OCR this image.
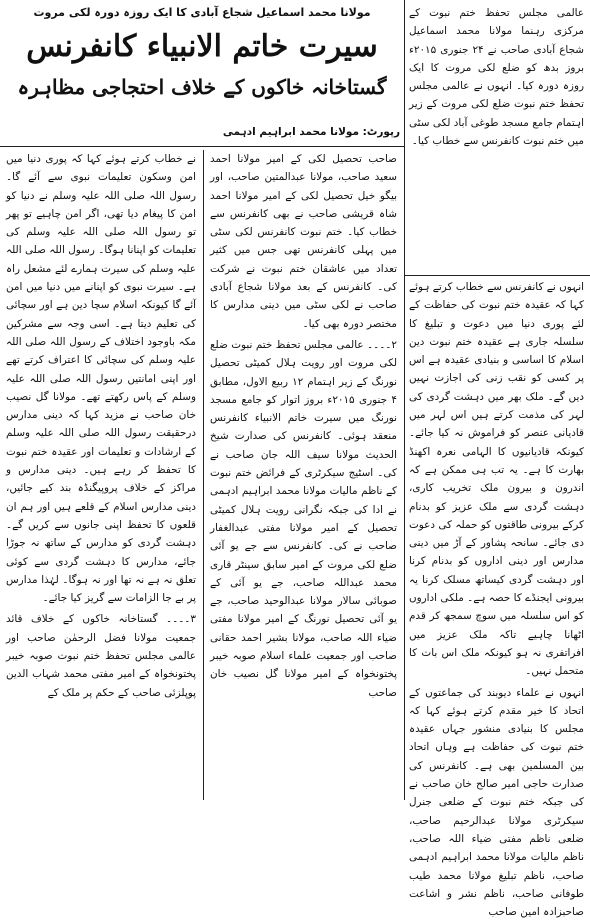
عالمی مجلس تحفظ ختم نبوت کے مرکزی رہنما مولانا محمد اسماعیل شجاع آبادی صاحب نے ۲۴ جنوری ۲۰۱۵ء بروز بدھ کو ضلع لکی مروت کا ایک روزہ دورہ کیا۔ انہوں نے عالمی مجلس تحفظ ختم نبوت ضلع لکی مروت کے زیر اہتمام جامع مسجد طوغی آباد لکی سٹی میں ختم نبوت کانفرنس سے خطاب کیا۔

مولانا محمد اسماعیل شجاع آبادی کا ایک روزہ دورہ لکی مروت
سیرت خاتم الانبیاء کانفرنس
گستاخانہ خاکوں کے خلاف احتجاجی مظاہرہ
رپورٹ: مولانا محمد ابراہیم ادہمی

انہوں نے کانفرنس سے خطاب کرتے ہوئے کہا کہ عقیدہ ختم نبوت کی حفاظت کے لئے پوری دنیا میں دعوت و تبلیغ کا سلسلہ جاری ہے عقیدہ ختم نبوت دین اسلام کا اساسی و بنیادی عقیدہ ہے اس پر کسی کو نقب زنی کی اجازت نہیں دیں گے۔ ملک بھر میں دہشت گردی کی لہر کی مذمت کرتے ہیں اس لہر میں قادیانی عنصر کو فراموش نہ کیا جائے۔ کیونکہ قادیانیوں کا الہامی نعرہ اکھنڈ بھارت کا ہے۔ یہ تب ہی ممکن ہے کہ اندرون و بیرون ملک تخریب کاری، دہشت گردی سے ملک عزیز کو بدنام کرکے بیرونی طاقتوں کو حملہ کی دعوت دی جائے۔ سانحہ پشاور کے آڑ میں دینی مدارس اور دینی اداروں کو بدنام کرنا اور دہشت گردی کیساتھ مسلک کرنا یہ بیرونی ایجنڈے کا حصہ ہے۔ ملکی اداروں کو اس سلسلہ میں سوچ سمجھ کر قدم اٹھانا چاہیے تاکہ ملک عزیز میں افراتفری نہ ہو کیونکہ ملک اس بات کا متحمل نہیں۔

انہوں نے علماء دیوبند کی جماعتوں کے اتحاد کا خیر مقدم کرتے ہوئے کہا کہ مجلس کا بنیادی منشور جہاں عقیدہ ختم نبوت کی حفاظت ہے وہاں اتحاد بین المسلمین بھی ہے۔ کانفرنس کی صدارت حاجی امیر صالح خان صاحب نے کی جبکہ ختم نبوت کے ضلعی جنرل سیکرٹری مولانا عبدالرحیم صاحب، ضلعی ناظم مفتی ضیاء اللہ صاحب، ناظم مالیات مولانا محمد ابراہیم ادہمی صاحب، ناظم تبلیغ مولانا محمد طیب طوفانی صاحب، ناظم نشر و اشاعت صاحبزادہ امین صاحب

صاحب تحصیل لکی کے امیر مولانا احمد سعید صاحب، مولانا عبدالمتین صاحب، اور بیگو خیل تحصیل لکی کے امیر مولانا احمد شاہ قریشی صاحب نے بھی کانفرنس سے خطاب کیا۔ ختم نبوت کانفرنس لکی سٹی میں پہلی کانفرنس تھی جس میں کثیر تعداد میں عاشقان ختم نبوت نے شرکت کی۔ کانفرنس کے بعد مولانا شجاع آبادی صاحب نے لکی سٹی میں دینی مدارس کا مختصر دورہ بھی کیا۔

۲۔۔۔۔ عالمی مجلس تحفظ ختم نبوت ضلع لکی مروت اور رویت ہلال کمیٹی تحصیل نورنگ کے زیر اہتمام ۱۲ ربیع الاول، مطابق ۴ جنوری ۲۰۱۵ء بروز اتوار کو جامع مسجد نورنگ میں سیرت خاتم الانبیاء کانفرنس منعقد ہوئی۔ کانفرنس کی صدارت شیخ الحدیث مولانا سیف اللہ جان صاحب نے کی۔ اسٹیج سیکرٹری کے فرائض ختم نبوت کے ناظم مالیات مولانا محمد ابراہیم ادہمی نے ادا کی جبکہ نگرانی رویت ہلال کمیٹی تحصیل کے امیر مولانا مفتی عبدالغفار صاحب نے کی۔ کانفرنس سے جے یو آئی ضلع لکی مروت کے امیر سابق سینٹر قاری محمد عبداللہ صاحب، جے یو آئی کے صوبائی سالار مولانا عبدالوحید صاحب، جے یو آئی تحصیل نورنگ کے امیر مولانا مفتی ضیاء اللہ صاحب، مولانا بشیر احمد حقانی صاحب اور جمعیت علماء اسلام صوبہ خیبر پختونخواہ کے امیر مولانا گل نصیب خان صاحب

نے خطاب کرتے ہوئے کہا کہ پوری دنیا میں امن وسکون تعلیمات نبوی سے آئے گا۔ رسول اللہ صلی اللہ علیہ وسلم نے دنیا کو امن کا پیغام دیا تھی، اگر امن چاہیے تو پھر تو رسول اللہ صلی اللہ علیہ وسلم کی تعلیمات کو اپنانا ہوگا۔ رسول اللہ صلی اللہ علیہ وسلم کی سیرت ہمارے لئے مشعل راہ ہے۔ سیرت نبوی کو اپنانے میں دنیا میں امن آئے گا کیونکہ اسلام سچا دین ہے اور سچائی کی تعلیم دیتا ہے۔ اسی وجہ سے مشرکین مکہ باوجود اختلاف کے رسول اللہ صلی اللہ علیہ وسلم کی سچائی کا اعتراف کرتے تھے اور اپنی امانتیں رسول اللہ صلی اللہ علیہ وسلم کے پاس رکھتے تھے۔ مولانا گل نصیب خان صاحب نے مزید کہا کہ دینی مدارس درحقیقت رسول اللہ صلی اللہ علیہ وسلم کے ارشادات و تعلیمات اور عقیدہ ختم نبوت کا تحفظ کر رہے ہیں۔ دینی مدارس و مراکز کے خلاف پروپیگنڈہ بند کیے جائیں، دینی مدارس اسلام کے قلعے ہیں اور ہم ان قلعوں کا تحفظ اپنی جانوں سے کریں گے۔ دہشت گردی کو مدارس کے ساتھ نہ جوڑا جائے، مدارس کا دہشت گردی سے کوئی تعلق نہ ہے نہ تھا اور نہ ہوگا۔ لہٰذا مدارس پر بے جا الزامات سے گریز کیا جائے۔

۳۔۔۔۔ گستاخانہ خاکوں کے خلاف قائد جمعیت مولانا فضل الرحمٰن صاحب اور عالمی مجلس تحفظ ختم نبوت صوبہ خیبر پختونخواہ کے امیر مفتی محمد شہاب الدین پوپلزئی صاحب کے حکم پر ملک کے
